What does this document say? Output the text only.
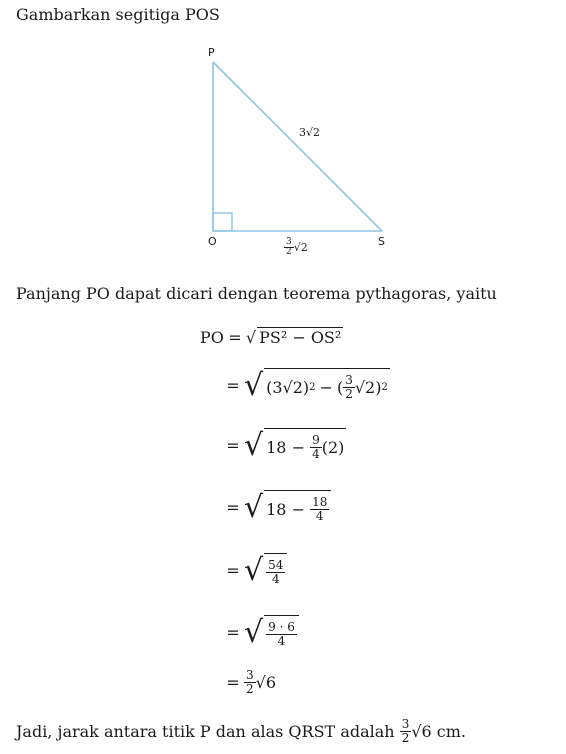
Gambarkan segitiga POS
P
O	S
3√2
$\frac{3}{2} √2$
Panjang PO dapat dicari dengan teorema pythagoras, yaitu
PO = √ PS² − OS²
= √ (3√2) 2 − ( $\frac{3}{2} √2$ ) 2
= √ 18 −
$\frac{9}{4} (2)$
= √ 18 −
$\frac{18}{4}$
= √ $\frac{54}{4}$
= √ $\frac{9 \cdot 6}{4}$
= $\frac{3}{2} √6$
Jadi, jarak antara titik P dan alas QRST adalah
$\frac{3}{2} √6$
cm.
